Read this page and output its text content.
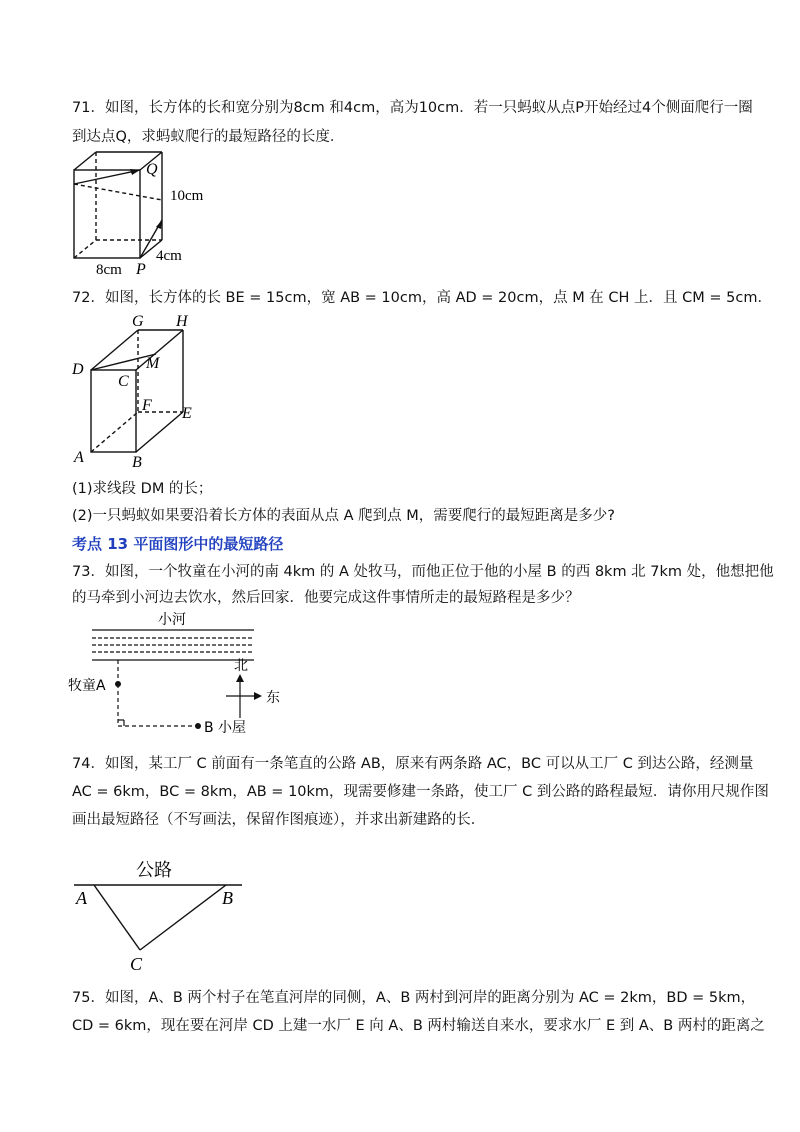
71．如图，长方体的长和宽分别为8cm 和4cm，高为10cm．若一只蚂蚁从点P开始经过4个侧面爬行一圈
到达点Q，求蚂蚁爬行的最短路径的长度．
Q
10cm
4cm
8cm P
72．如图，长方体的长 BE = 15cm，宽 AB = 10cm，高 AD = 20cm，点 M 在 CH 上．且 CM = 5cm．
G H
D	M
C
F E
A	B
(1)求线段 DM 的长；
(2)一只蚂蚁如果要沿着长方体的表面从点 A 爬到点 M，需要爬行的最短距离是多少?
考点 13 平面图形中的最短路径
73．如图，一个牧童在小河的南 4km 的 A 处牧马，而他正位于他的小屋 B 的西 8km 北 7km 处，他想把他
的马牵到小河边去饮水，然后回家．他要完成这件事情所走的最短路程是多少？
小河
北
东
牧童A
B 小屋
74．如图，某工厂 C 前面有一条笔直的公路 AB，原来有两条路 AC，BC 可以从工厂 C 到达公路，经测量
AC = 6km，BC = 8km，AB = 10km，现需要修建一条路，使工厂 C 到公路的路程最短．请你用尺规作图
画出最短路径（不写画法，保留作图痕迹），并求出新建路的长．
公路
A	B
C
75．如图，A、B 两个村子在笔直河岸的同侧，A、B 两村到河岸的距离分别为 AC = 2km，BD = 5km，
CD = 6km，现在要在河岸 CD 上建一水厂 E 向 A、B 两村输送自来水，要求水厂 E 到 A、B 两村的距离之
